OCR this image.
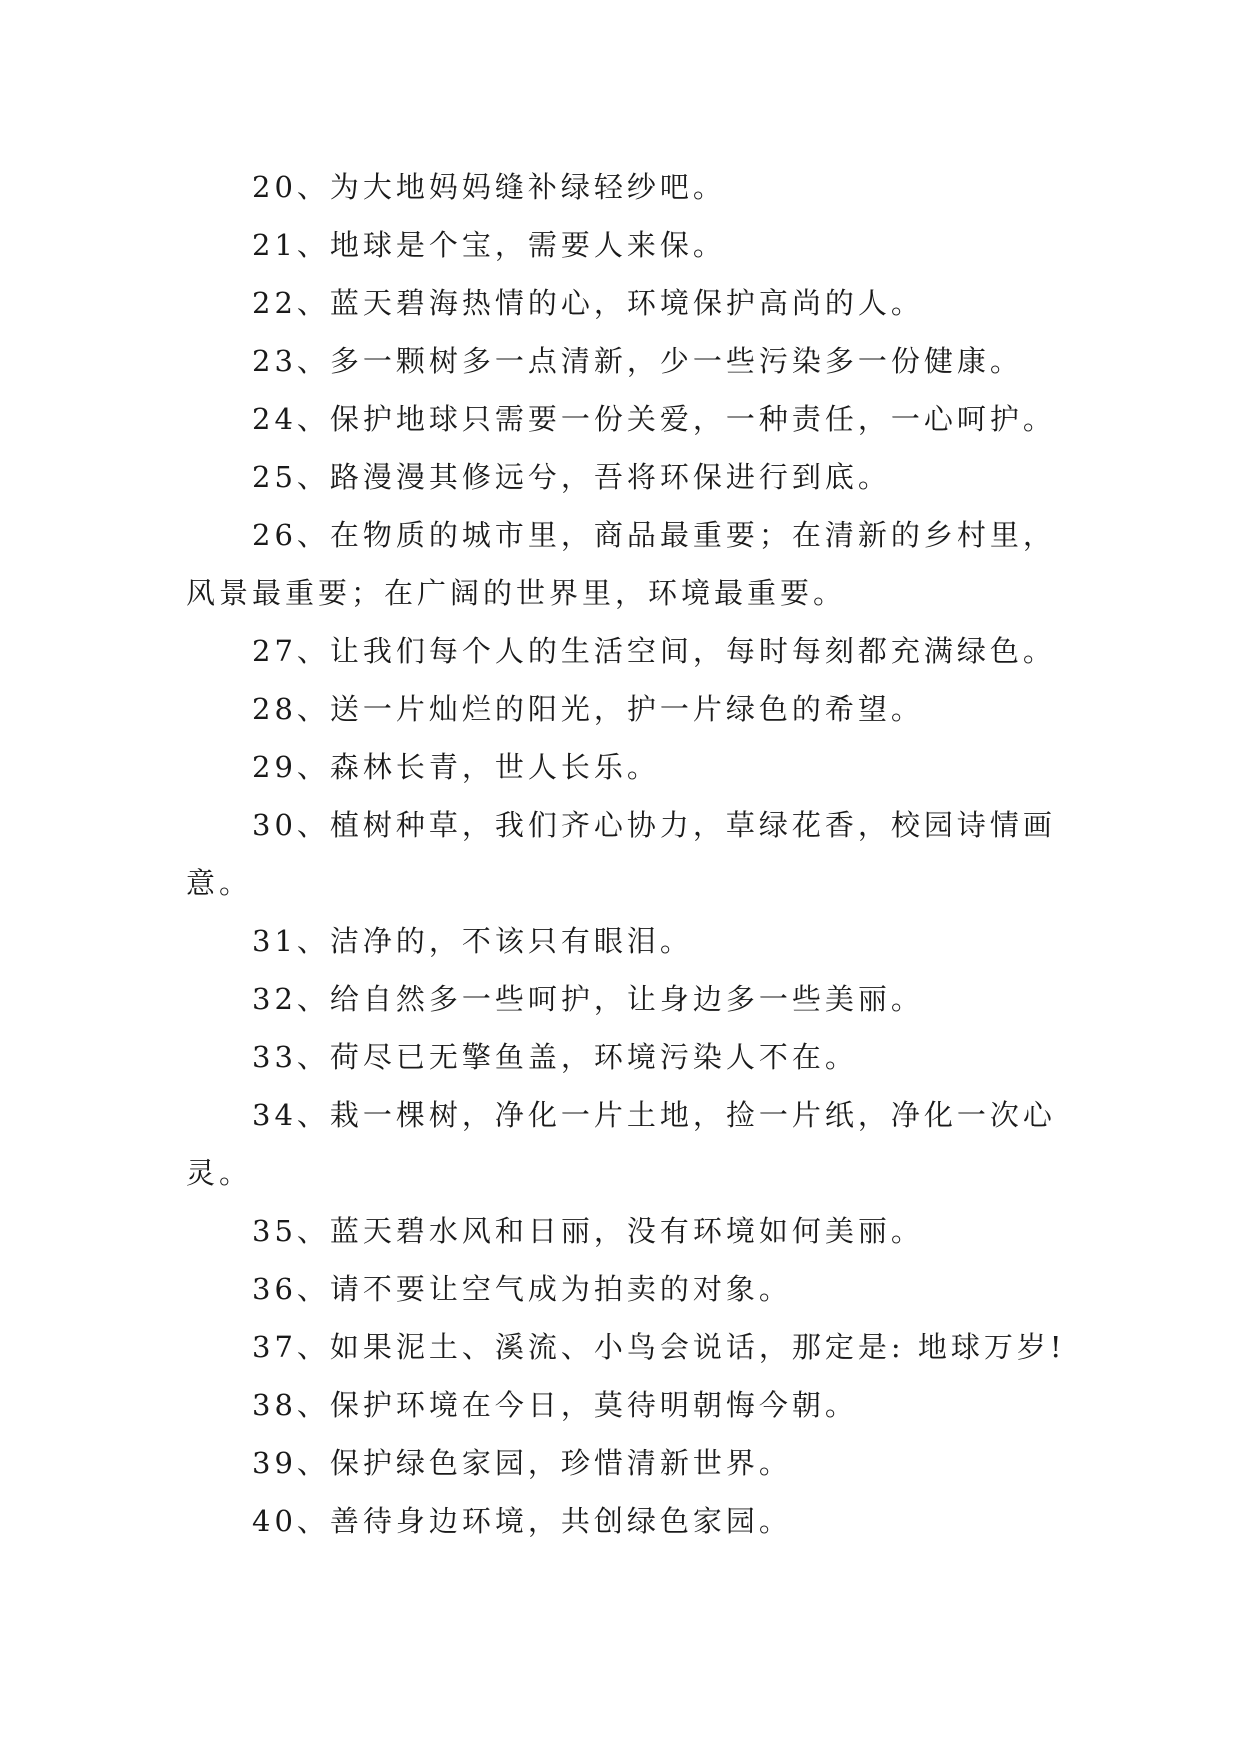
20、为大地妈妈缝补绿轻纱吧。

21、地球是个宝，需要人来保。

22、蓝天碧海热情的心，环境保护高尚的人。

23、多一颗树多一点清新，少一些污染多一份健康。

24、保护地球只需要一份关爱，一种责任，一心呵护。

25、路漫漫其修远兮，吾将环保进行到底。

26、在物质的城市里，商品最重要；在清新的乡村里，风景最重要；在广阔的世界里，环境最重要。

27、让我们每个人的生活空间，每时每刻都充满绿色。

28、送一片灿烂的阳光，护一片绿色的希望。

29、森林长青，世人长乐。

30、植树种草，我们齐心协力，草绿花香，校园诗情画意。

31、洁净的，不该只有眼泪。

32、给自然多一些呵护，让身边多一些美丽。

33、荷尽已无擎鱼盖，环境污染人不在。

34、栽一棵树，净化一片土地，捡一片纸，净化一次心灵。

35、蓝天碧水风和日丽，没有环境如何美丽。

36、请不要让空气成为拍卖的对象。

37、如果泥土、溪流、小鸟会说话，那定是: 地球万岁!

38、保护环境在今日，莫待明朝悔今朝。

39、保护绿色家园，珍惜清新世界。

40、善待身边环境，共创绿色家园。
